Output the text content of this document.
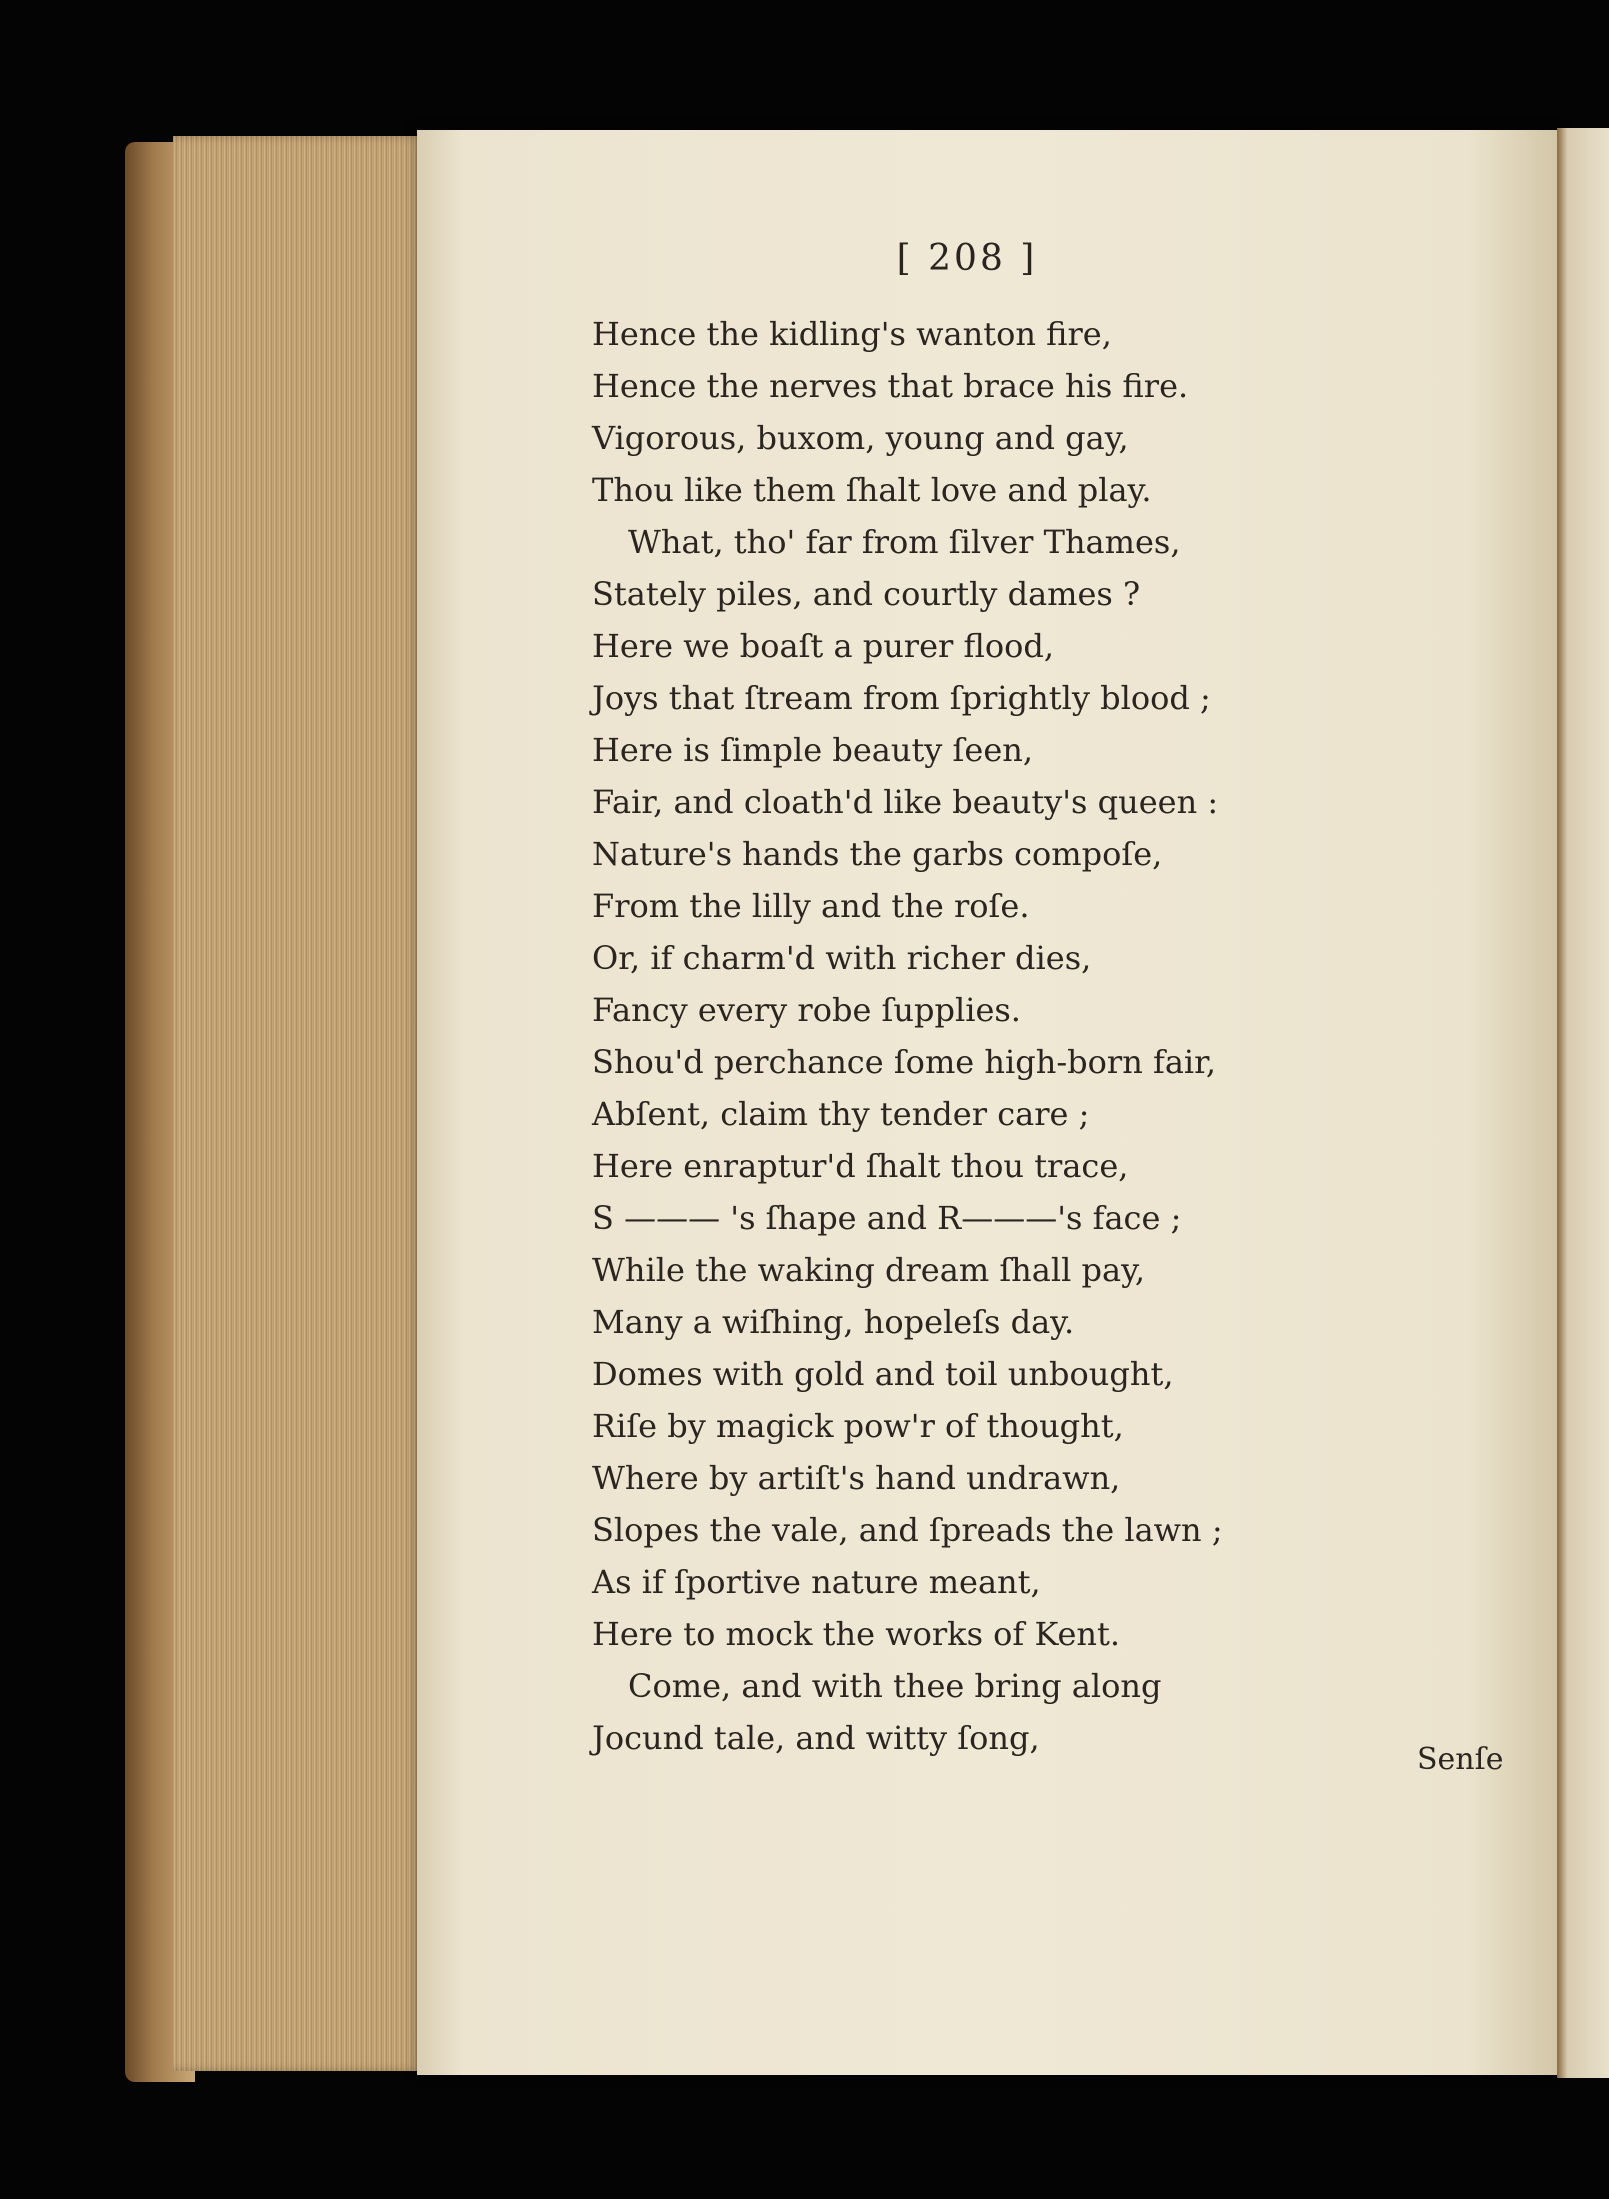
[ 208 ]
Hence the kidling's wanton fire,
Hence the nerves that brace his fire.
Vigorous, buxom, young and gay,
Thou like them ſhalt love and play.
What, tho' far from ſilver Thames,
Stately piles, and courtly dames ?
Here we boaſt a purer flood,
Joys that ſtream from ſprightly blood ;
Here is ſimple beauty ſeen,
Fair, and cloath'd like beauty's queen :
Nature's hands the garbs compoſe,
From the lilly and the roſe.
Or, if charm'd with richer dies,
Fancy every robe ſupplies.
Shou'd perchance ſome high-born fair,
Abſent, claim thy tender care ;
Here enraptur'd ſhalt thou trace,
S ——— 's ſhape and R———'s face ;
While the waking dream ſhall pay,
Many a wiſhing, hopeleſs day.
Domes with gold and toil unbought,
Riſe by magick pow'r of thought,
Where by artiſt's hand undrawn,
Slopes the vale, and ſpreads the lawn ;
As if ſportive nature meant,
Here to mock the works of Kent.
Come, and with thee bring along
Jocund tale, and witty ſong,
Senſe
